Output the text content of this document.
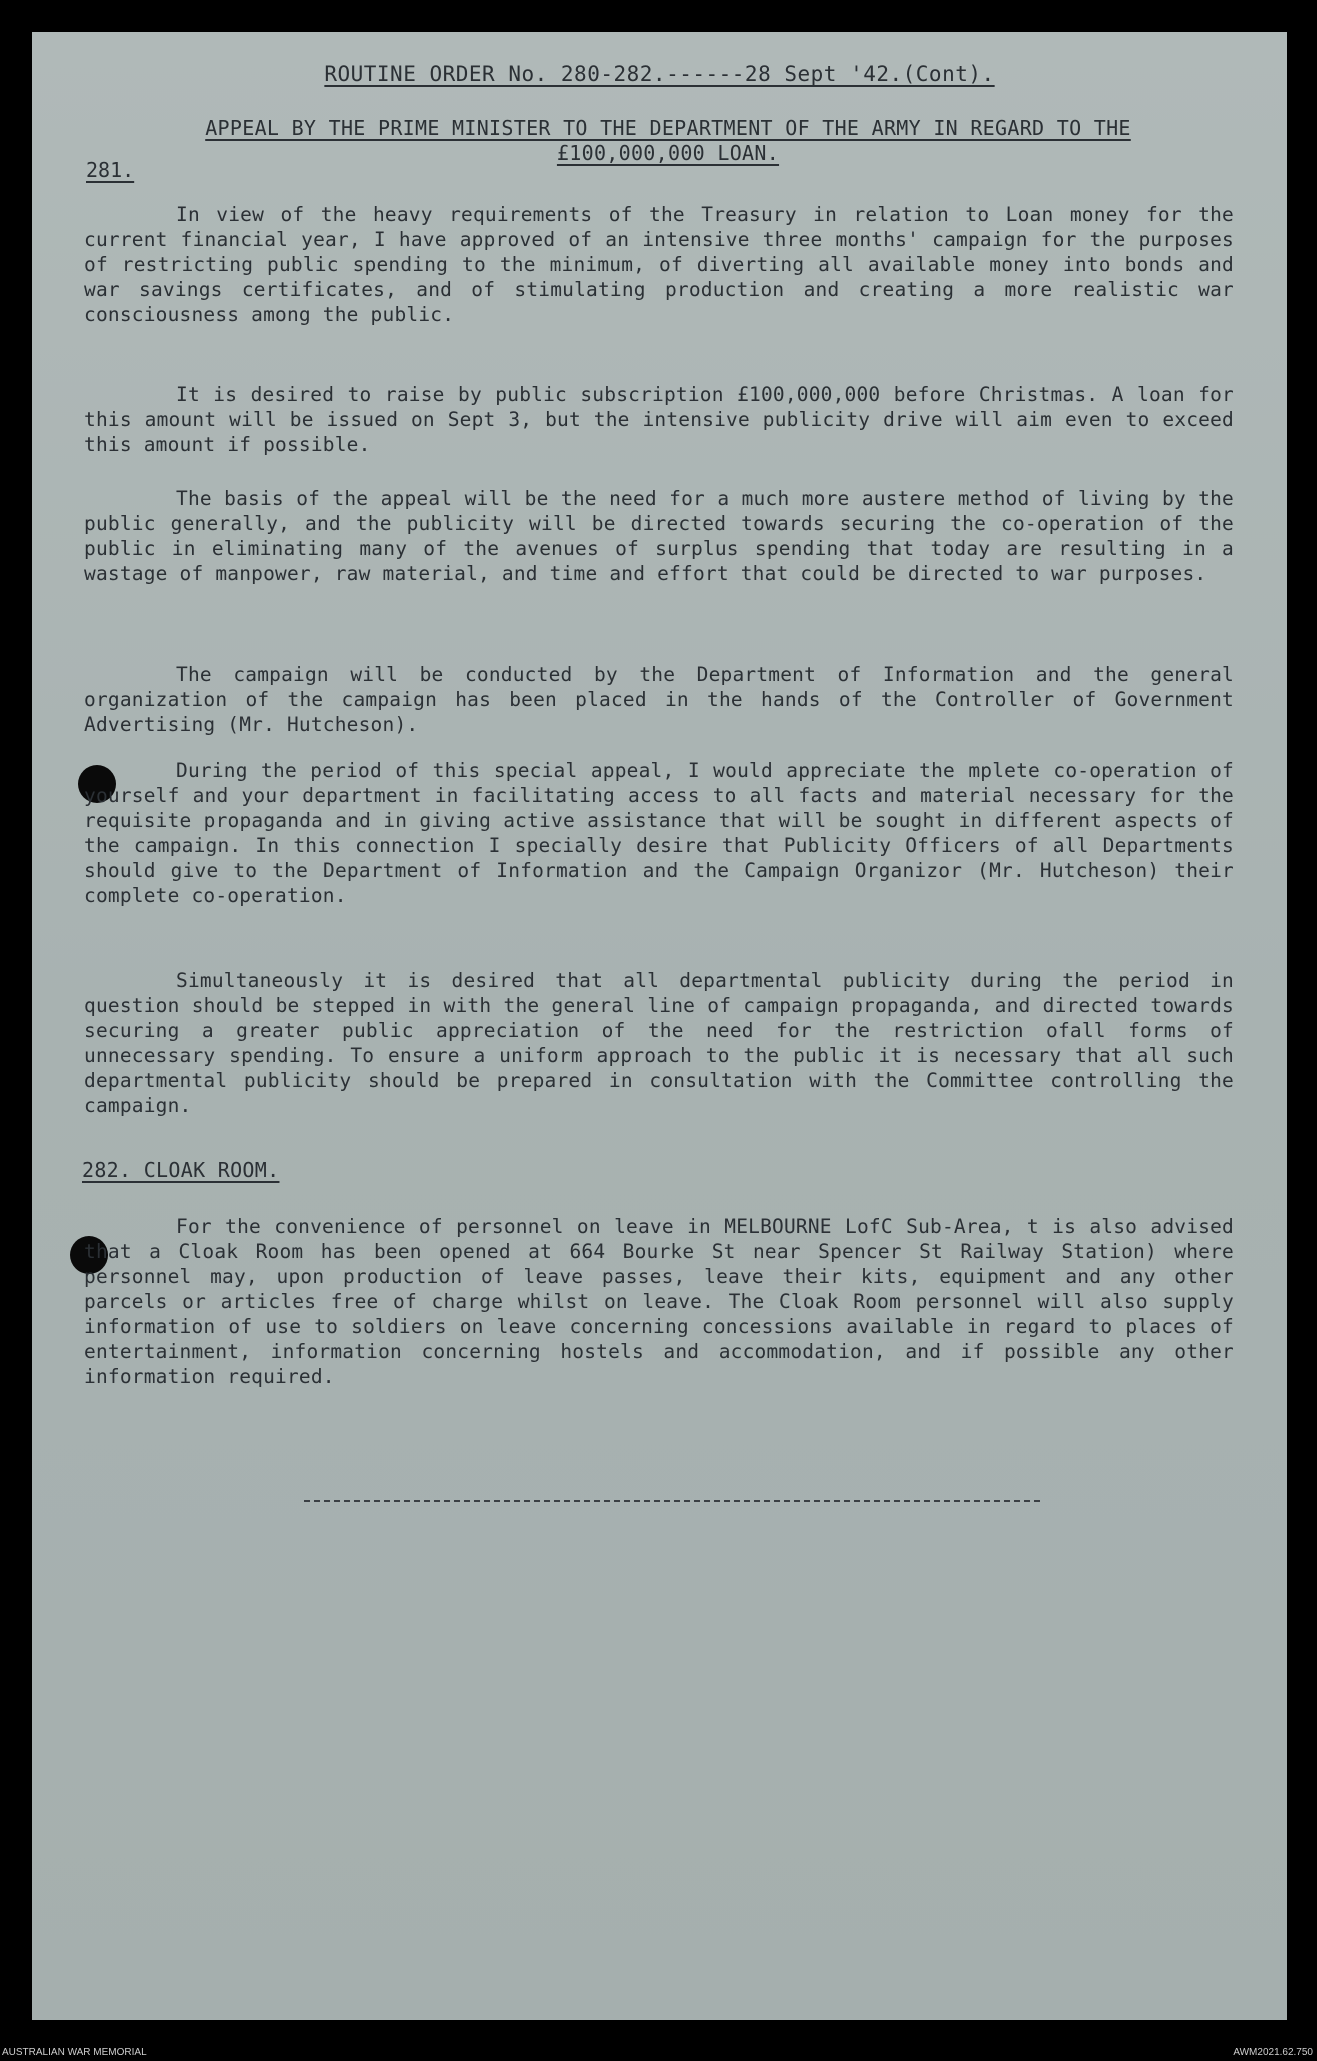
ROUTINE ORDER No. 280-282.------28 Sept '42.(Cont).
APPEAL BY THE PRIME MINISTER TO THE DEPARTMENT OF THE ARMY IN REGARD TO THE
£100,000,000 LOAN.
281.

In view of the heavy requirements of the Treasury in relation to Loan money for the current financial year, I have approved of an intensive three months' campaign for the purposes of restricting public spending to the minimum, of diverting all available money into bonds and war savings certificates, and of stimulating production and creating a more realistic war consciousness among the public.

It is desired to raise by public subscription £100,000,000 before Christmas. A loan for this amount will be issued on Sept 3, but the intensive publicity drive will aim even to exceed this amount if possible.

The basis of the appeal will be the need for a much more austere method of living by the public generally, and the publicity will be directed towards securing the co-operation of the public in eliminating many of the avenues of surplus spending that today are resulting in a wastage of manpower, raw material, and time and effort that could be directed to war purposes.

The campaign will be conducted by the Department of Information and the general organization of the campaign has been placed in the hands of the Controller of Government Advertising (Mr. Hutcheson).

During the period of this special appeal, I would appreciate the mplete co-operation of yourself and your department in facilitating access to all facts and material necessary for the requisite propaganda and in giving active assistance that will be sought in different aspects of the campaign. In this connection I specially desire that Publicity Officers of all Departments should give to the Department of Information and the Campaign Organizor (Mr. Hutcheson) their complete co-operation.

Simultaneously it is desired that all departmental publicity during the period in question should be stepped in with the general line of campaign propaganda, and directed towards securing a greater public appreciation of the need for the restriction ofall forms of unnecessary spending. To ensure a uniform approach to the public it is necessary that all such departmental publicity should be prepared in consultation with the Committee controlling the campaign.

282. CLOAK ROOM.

For the convenience of personnel on leave in MELBOURNE LofC Sub-Area, t is also advised that a Cloak Room has been opened at 664 Bourke St near Spencer St Railway Station) where personnel may, upon production of leave passes, leave their kits, equipment and any other parcels or articles free of charge whilst on leave. The Cloak Room personnel will also supply information of use to soldiers on leave concerning concessions available in regard to places of entertainment, information concerning hostels and accommodation, and if possible any other information required.

AUSTRALIAN WAR MEMORIAL	AWM2021.62.750
